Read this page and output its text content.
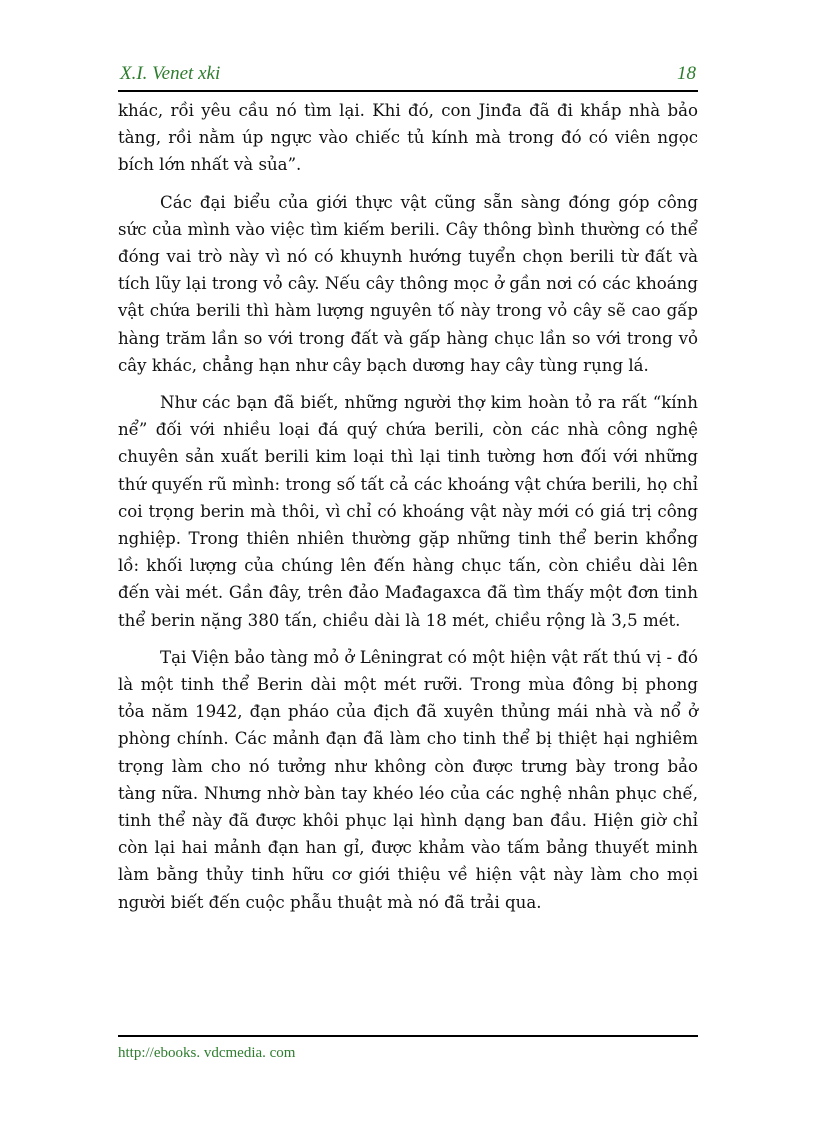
X.I. Venet xki	18

khác, rồi yêu cầu nó tìm lại. Khi đó, con Jinđa đã đi khắp nhà bảo tàng, rồi nằm úp ngực vào chiếc tủ kính mà trong đó có viên ngọc bích lớn nhất và sủa”.

Các đại biểu của giới thực vật cũng sẵn sàng đóng góp công sức của mình vào việc tìm kiếm berili. Cây thông bình thường có thể đóng vai trò này vì nó có khuynh hướng tuyển chọn berili từ đất và tích lũy lại trong vỏ cây. Nếu cây thông mọc ở gần nơi có các khoáng vật chứa berili thì hàm lượng nguyên tố này trong vỏ cây sẽ cao gấp hàng trăm lần so với trong đất và gấp hàng chục lần so với trong vỏ cây khác, chẳng hạn như cây bạch dương hay cây tùng rụng lá.

Như các bạn đã biết, những người thợ kim hoàn tỏ ra rất “kính nể” đối với nhiều loại đá quý chứa berili, còn các nhà công nghệ chuyên sản xuất berili kim loại thì lại tinh tường hơn đối với những thứ quyến rũ mình: trong số tất cả các khoáng vật chứa berili, họ chỉ coi trọng berin mà thôi, vì chỉ có khoáng vật này mới có giá trị công nghiệp. Trong thiên nhiên thường gặp những tinh thể berin khổng lồ: khối lượng của chúng lên đến hàng chục tấn, còn chiều dài lên đến vài mét. Gần đây, trên đảo Mađagaxca đã tìm thấy một đơn tinh thể berin nặng 380 tấn, chiều dài là 18 mét, chiều rộng là 3,5 mét.

Tại Viện bảo tàng mỏ ở Lêningrat có một hiện vật rất thú vị - đó là một tinh thể Berin dài một mét rưỡi. Trong mùa đông bị phong tỏa năm 1942, đạn pháo của địch đã xuyên thủng mái nhà và nổ ở phòng chính. Các mảnh đạn đã làm cho tinh thể bị thiệt hại nghiêm trọng làm cho nó tưởng như không còn được trưng bày trong bảo tàng nữa. Nhưng nhờ bàn tay khéo léo của các nghệ nhân phục chế, tinh thể này đã được khôi phục lại hình dạng ban đầu. Hiện giờ chỉ còn lại hai mảnh đạn han gỉ, được khảm vào tấm bảng thuyết minh làm bằng thủy tinh hữu cơ giới thiệu về hiện vật này làm cho mọi người biết đến cuộc phẫu thuật mà nó đã trải qua.

http://ebooks. vdcmedia. com
